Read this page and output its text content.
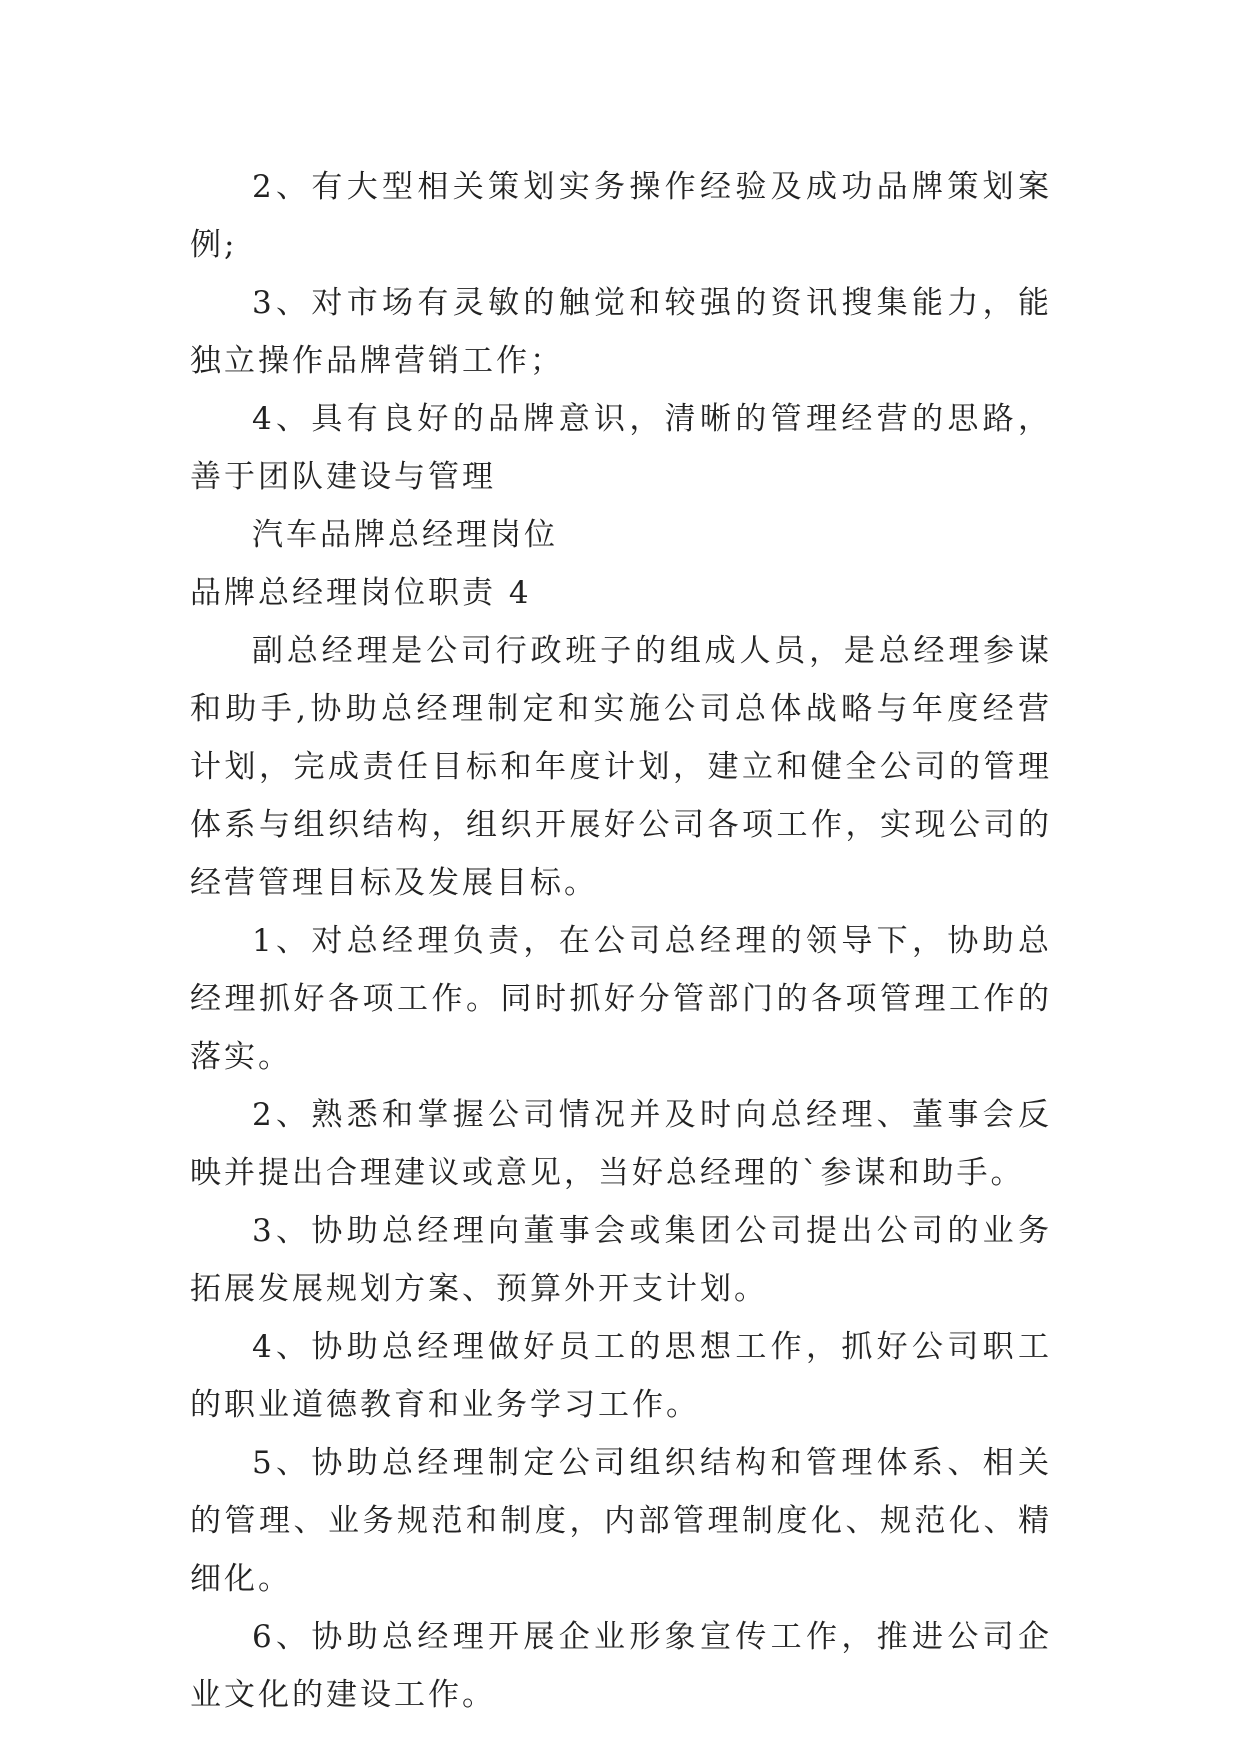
2、有大型相关策划实务操作经验及成功品牌策划案例;

3、对市场有灵敏的触觉和较强的资讯搜集能力，能独立操作品牌营销工作；

4、具有良好的品牌意识，清晰的管理经营的思路，善于团队建设与管理

汽车品牌总经理岗位

品牌总经理岗位职责 4

副总经理是公司行政班子的组成人员，是总经理参谋和助手,协助总经理制定和实施公司总体战略与年度经营计划，完成责任目标和年度计划，建立和健全公司的管理体系与组织结构，组织开展好公司各项工作，实现公司的经营管理目标及发展目标。

1、对总经理负责，在公司总经理的领导下，协助总经理抓好各项工作。同时抓好分管部门的各项管理工作的落实。

2、熟悉和掌握公司情况并及时向总经理、董事会反映并提出合理建议或意见，当好总经理的`参谋和助手。

3、协助总经理向董事会或集团公司提出公司的业务拓展发展规划方案、预算外开支计划。

4、协助总经理做好员工的思想工作，抓好公司职工的职业道德教育和业务学习工作。

5、协助总经理制定公司组织结构和管理体系、相关的管理、业务规范和制度，内部管理制度化、规范化、精细化。

6、协助总经理开展企业形象宣传工作，推进公司企业文化的建设工作。
